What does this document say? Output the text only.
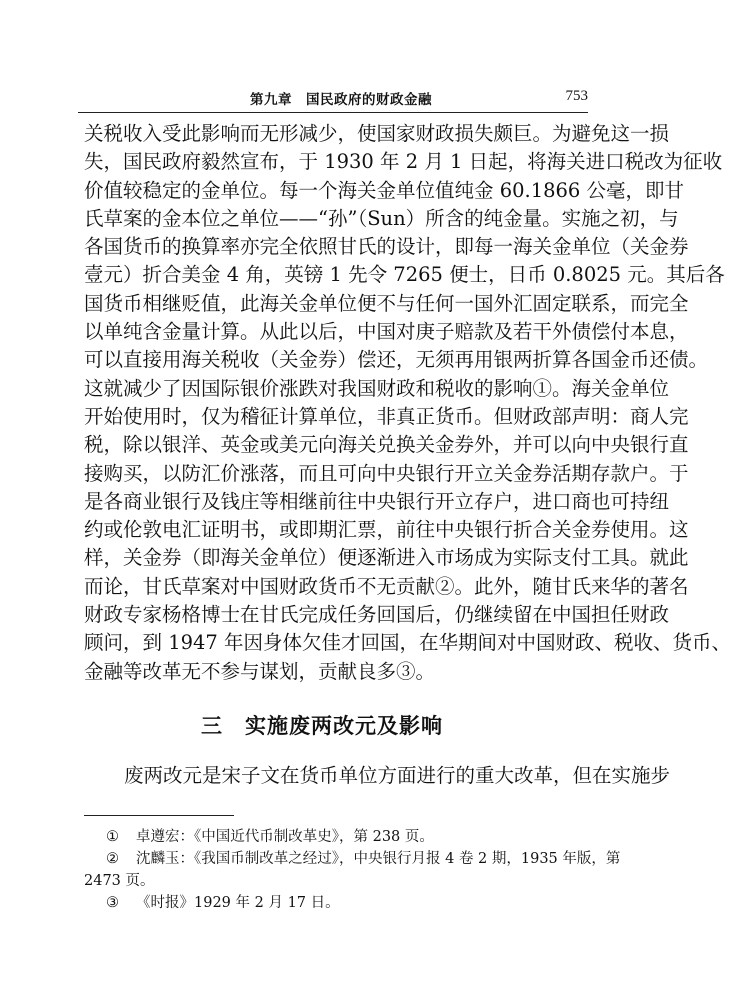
第九章　国民政府的财政金融	753
关税收入受此影响而无形减少，使国家财政损失颇巨。为避免这一损
失，国民政府毅然宣布，于 1930 年 2 月 1 日起，将海关进口税改为征收
价值较稳定的金单位。每一个海关金单位值纯金 60.1866 公毫，即甘
氏草案的金本位之单位——“孙”（Sun）所含的纯金量。实施之初，与
各国货币的换算率亦完全依照甘氏的设计，即每一海关金单位（关金券
壹元）折合美金 4 角，英镑 1 先令 7265 便士，日币 0.8025 元。其后各
国货币相继贬值，此海关金单位便不与任何一国外汇固定联系，而完全
以单纯含金量计算。从此以后，中国对庚子赔款及若干外债偿付本息，
可以直接用海关税收（关金券）偿还，无须再用银两折算各国金币还债。
这就减少了因国际银价涨跌对我国财政和税收的影响①。海关金单位
开始使用时，仅为稽征计算单位，非真正货币。但财政部声明：商人完
税，除以银洋、英金或美元向海关兑换关金券外，并可以向中央银行直
接购买，以防汇价涨落，而且可向中央银行开立关金券活期存款户。于
是各商业银行及钱庄等相继前往中央银行开立存户，进口商也可持纽
约或伦敦电汇证明书，或即期汇票，前往中央银行折合关金券使用。这
样，关金券（即海关金单位）便逐渐进入市场成为实际支付工具。就此
而论，甘氏草案对中国财政货币不无贡献②。此外，随甘氏来华的著名
财政专家杨格博士在甘氏完成任务回国后，仍继续留在中国担任财政
顾问，到 1947 年因身体欠佳才回国，在华期间对中国财政、税收、货币、
金融等改革无不参与谋划，贡献良多③。
三 实施废两改元及影响
废两改元是宋子文在货币单位方面进行的重大改革，但在实施步
① 卓遵宏：《中国近代币制改革史》，第 238 页。
② 沈麟玉：《我国币制改革之经过》，中央银行月报 4 卷 2 期，1935 年版，第
2473 页。
③ 《时报》1929 年 2 月 17 日。
